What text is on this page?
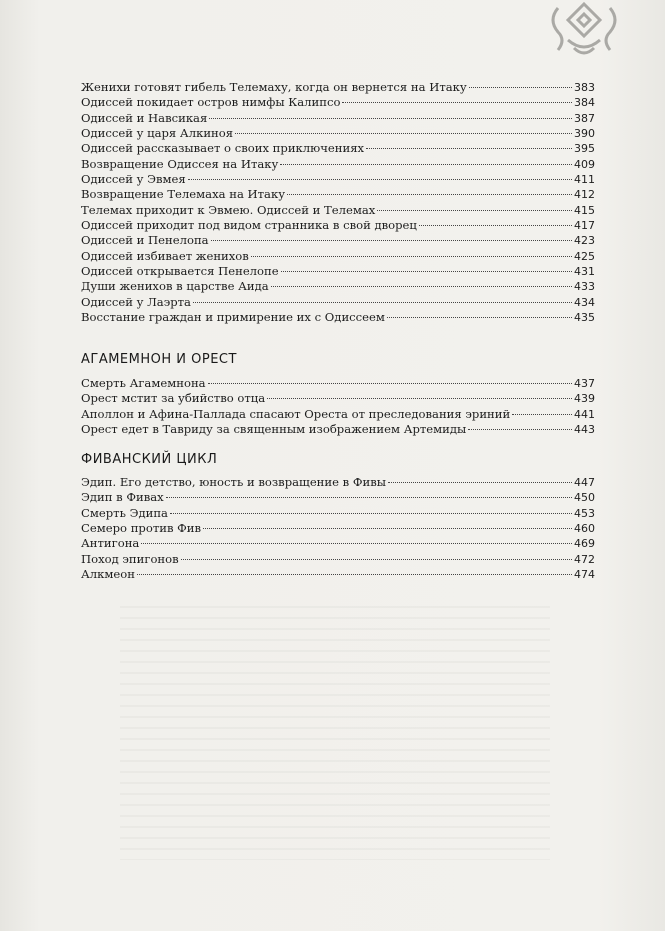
Женихи готовят гибель Телемаху, когда он вернется на Итаку	383
Одиссей покидает остров нимфы Калипсо	384
Одиссей и Навсикая	387
Одиссей у царя Алкиноя	390
Одиссей рассказывает о своих приключениях	395
Возвращение Одиссея на Итаку	409
Одиссей у Эвмея	411
Возвращение Телемаха на Итаку	412
Телемах приходит к Эвмею. Одиссей и Телемах	415
Одиссей приходит под видом странника в свой дворец	417
Одиссей и Пенелопа	423
Одиссей избивает женихов	425
Одиссей открывается Пенелопе	431
Души женихов в царстве Аида	433
Одиссей у Лаэрта	434
Восстание граждан и примирение их с Одиссеем	435
АГАМЕМНОН И ОРЕСТ
Смерть Агамемнона	437
Орест мстит за убийство отца	439
Аполлон и Афина-Паллада спасают Ореста от преследования эриний	441
Орест едет в Тавриду за священным изображением Артемиды	443
ФИВАНСКИЙ ЦИКЛ
Эдип. Его детство, юность и возвращение в Фивы	447
Эдип в Фивах	450
Смерть Эдипа	453
Семеро против Фив	460
Антигона	469
Поход эпигонов	472
Алкмеон	474
